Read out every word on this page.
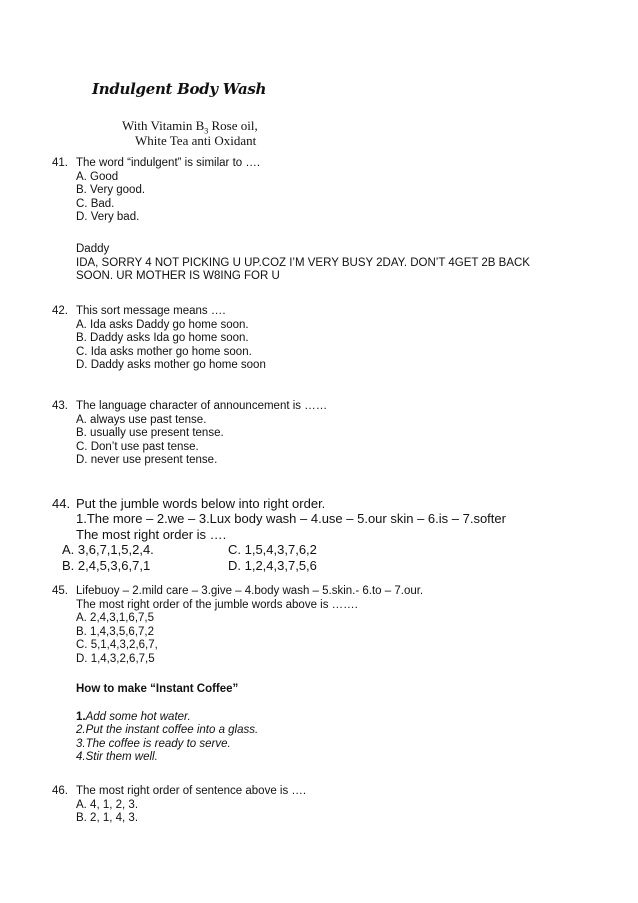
Indulgent Body Wash
With Vitamin $B_3$ Rose oil,
White Tea anti Oxidant
41. The word “indulgent” is similar to ….
A. Good
B. Very good.
C. Bad.
D. Very bad.
Daddy
IDA, SORRY 4 NOT PICKING U UP.COZ I’M VERY BUSY 2DAY. DON’T 4GET 2B BACK
SOON. UR MOTHER IS W8ING FOR U
42. This sort message means ….
A. Ida asks Daddy go home soon.
B. Daddy asks Ida go home soon.
C. Ida asks mother go home soon.
D. Daddy asks mother go home soon
43. The language character of announcement is ……
A. always use past tense.
B. usually use present tense.
C. Don’t use past tense.
D. never use present tense.
44. Put the jumble words below into right order.
1.The more – 2.we – 3.Lux body wash – 4.use – 5.our skin – 6.is – 7.softer
The most right order is ….
A. 3,6,7,1,5,2,4.	C. 1,5,4,3,7,6,2
B. 2,4,5,3,6,7,1	D. 1,2,4,3,7,5,6
45. Lifebuoy – 2.mild care – 3.give – 4.body wash – 5.skin.- 6.to – 7.our.
The most right order of the jumble words above is …….
A. 2,4,3,1,6,7,5
B. 1,4,3,5,6,7,2
C. 5,1,4,3,2,6,7,
D. 1,4,3,2,6,7,5
How to make “Instant Coffee”
1.Add some hot water.
2.Put the instant coffee into a glass.
3.The coffee is ready to serve.
4.Stir them well.
46. The most right order of sentence above is ….
A. 4, 1, 2, 3.
B. 2, 1, 4, 3.
